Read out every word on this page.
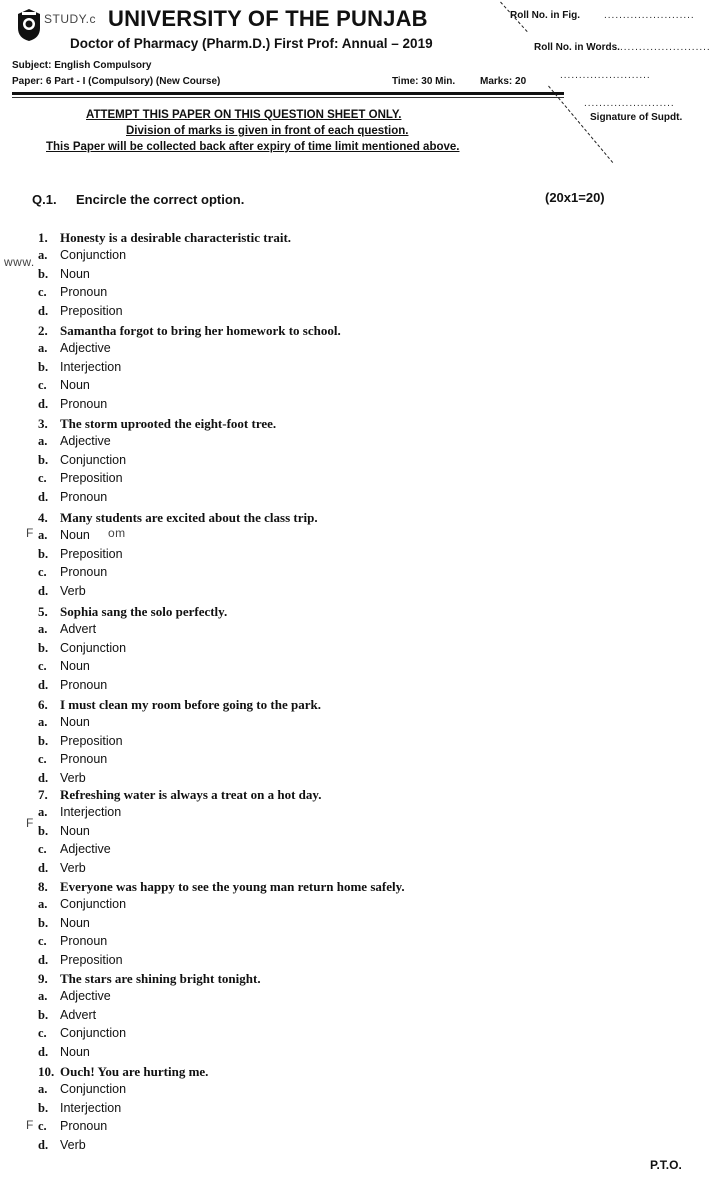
STUDY.c UNIVERSITY OF THE PUNJAB
Doctor of Pharmacy (Pharm.D.) First Prof: Annual – 2019
Subject: English Compulsory
Paper: 6 Part - I (Compulsory) (New Course)	Time: 30 Min. Marks: 20
Roll No. in Fig. ........................
Roll No. in Words. ........................
........................
........................
Signature of Supdt.
ATTEMPT THIS PAPER ON THIS QUESTION SHEET ONLY.
Division of marks is given in front of each question.
This Paper will be collected back after expiry of time limit mentioned above.
Q.1. Encircle the correct option.	(20x1=20)
www.
F	om
F
F
1. Honesty is a desirable characteristic trait.
a. Conjunction
b. Noun
c. Pronoun
d. Preposition
2. Samantha forgot to bring her homework to school.
a. Adjective
b. Interjection
c. Noun
d. Pronoun
3. The storm uprooted the eight-foot tree.
a. Adjective
b. Conjunction
c. Preposition
d. Pronoun
4. Many students are excited about the class trip.
a. Noun
b. Preposition
c. Pronoun
d. Verb
5. Sophia sang the solo perfectly.
a. Advert
b. Conjunction
c. Noun
d. Pronoun
6. I must clean my room before going to the park.
a. Noun
b. Preposition
c. Pronoun
d. Verb
7. Refreshing water is always a treat on a hot day.
a. Interjection
b. Noun
c. Adjective
d. Verb
8. Everyone was happy to see the young man return home safely.
a. Conjunction
b. Noun
c. Pronoun
d. Preposition
9. The stars are shining bright tonight.
a. Adjective
b. Advert
c. Conjunction
d. Noun
10. Ouch! You are hurting me.
a. Conjunction
b. Interjection
c. Pronoun
d. Verb
P.T.O.
